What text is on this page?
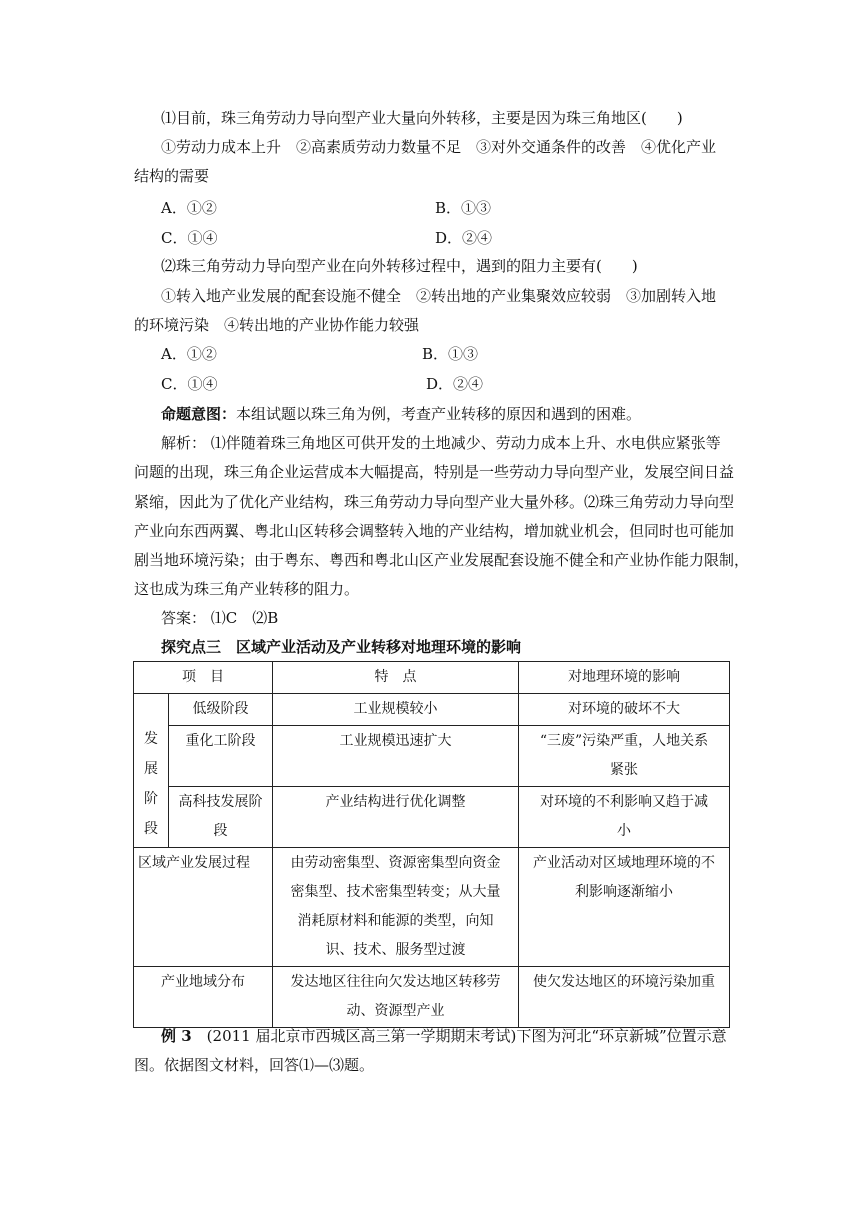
⑴目前，珠三角劳动力导向型产业大量向外转移，主要是因为珠三角地区(　　)
①劳动力成本上升　②高素质劳动力数量不足　③对外交通条件的改善　④优化产业
结构的需要
A．①②	B．①③
C．①④	D．②④
⑵珠三角劳动力导向型产业在向外转移过程中，遇到的阻力主要有(　　)
①转入地产业发展的配套设施不健全　②转出地的产业集聚效应较弱　③加剧转入地
的环境污染　④转出地的产业协作能力较强
A．①②	B．①③
C．①④	D．②④
命题意图：本组试题以珠三角为例，考查产业转移的原因和遇到的困难。
解析： ⑴伴随着珠三角地区可供开发的土地减少、劳动力成本上升、水电供应紧张等
问题的出现，珠三角企业运营成本大幅提高，特别是一些劳动力导向型产业，发展空间日益
紧缩，因此为了优化产业结构，珠三角劳动力导向型产业大量外移。⑵珠三角劳动力导向型
产业向东西两翼、粤北山区转移会调整转入地的产业结构，增加就业机会，但同时也可能加
剧当地环境污染；由于粤东、粤西和粤北山区产业发展配套设施不健全和产业协作能力限制，
这也成为珠三角产业转移的阻力。
答案： ⑴C　⑵B
探究点三　区域产业活动及产业转移对地理环境的影响
项　目		特　点	对地理环境的影响

发
展
阶
段	低级阶段	工业规模较小	对环境的破坏不大
	重化工阶段	工业规模迅速扩大	“三废”污染严重，人地关系紧张
	高科技发展阶段	产业结构进行优化调整	对环境的不利影响又趋于减小
区域产业发展过程		由劳动密集型、资源密集型向资金密集型、技术密集型转变；从大量消耗原材料和能源的类型，向知识、技术、服务型过渡	产业活动对区域地理环境的不利影响逐渐缩小
产业地域分布		发达地区往往向欠发达地区转移劳动、资源型产业	使欠发达地区的环境污染加重
例 3　(2011 届北京市西城区高三第一学期期末考试)下图为河北“环京新城”位置示意
图。依据图文材料，回答⑴—⑶题。
